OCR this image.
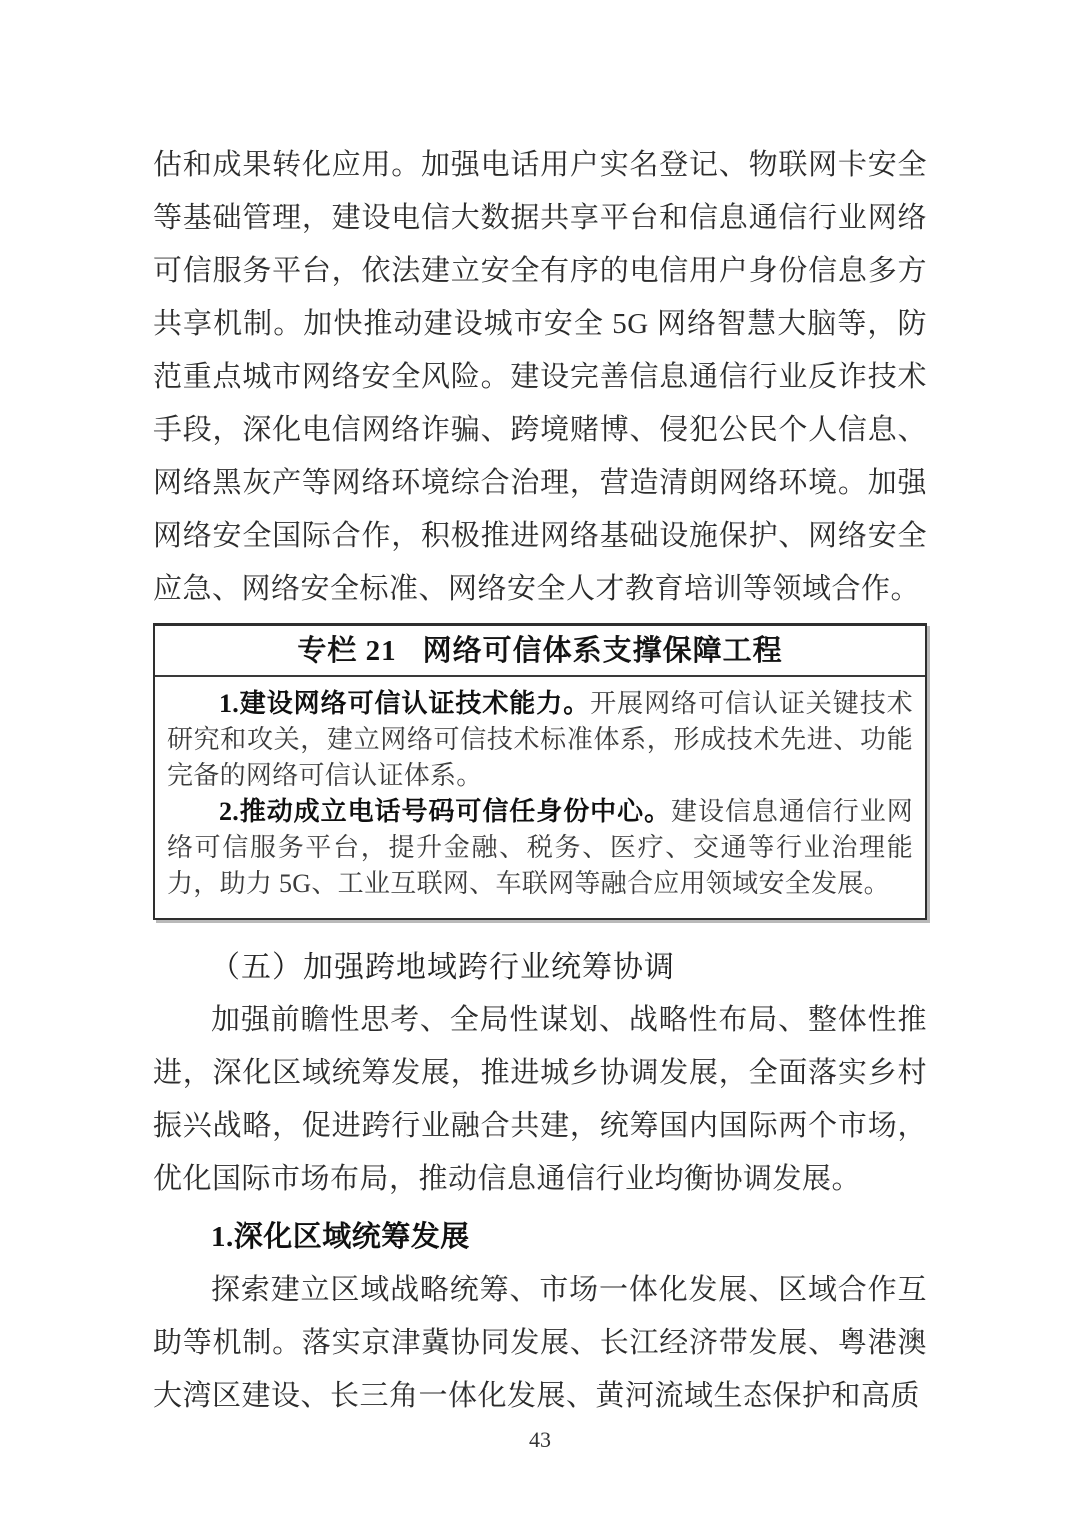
估和成果转化应用。加强电话用户实名登记、物联网卡安全等基础管理，建设电信大数据共享平台和信息通信行业网络可信服务平台，依法建立安全有序的电信用户身份信息多方共享机制。加快推动建设城市安全 5G 网络智慧大脑等，防范重点城市网络安全风险。建设完善信息通信行业反诈技术手段，深化电信网络诈骗、跨境赌博、侵犯公民个人信息、网络黑灰产等网络环境综合治理，营造清朗网络环境。加强网络安全国际合作，积极推进网络基础设施保护、网络安全应急、网络安全标准、网络安全人才教育培训等领域合作。

专栏 21 网络可信体系支撑保障工程

1.建设网络可信认证技术能力。开展网络可信认证关键技术研究和攻关，建立网络可信技术标准体系，形成技术先进、功能完备的网络可信认证体系。

2.推动成立电话号码可信任身份中心。建设信息通信行业网络可信服务平台，提升金融、税务、医疗、交通等行业治理能力，助力 5G、工业互联网、车联网等融合应用领域安全发展。

（五）加强跨地域跨行业统筹协调

加强前瞻性思考、全局性谋划、战略性布局、整体性推进，深化区域统筹发展，推进城乡协调发展，全面落实乡村振兴战略，促进跨行业融合共建，统筹国内国际两个市场，优化国际市场布局，推动信息通信行业均衡协调发展。

1.深化区域统筹发展

探索建立区域战略统筹、市场一体化发展、区域合作互助等机制。落实京津冀协同发展、长江经济带发展、粤港澳大湾区建设、长三角一体化发展、黄河流域生态保护和高质

43
